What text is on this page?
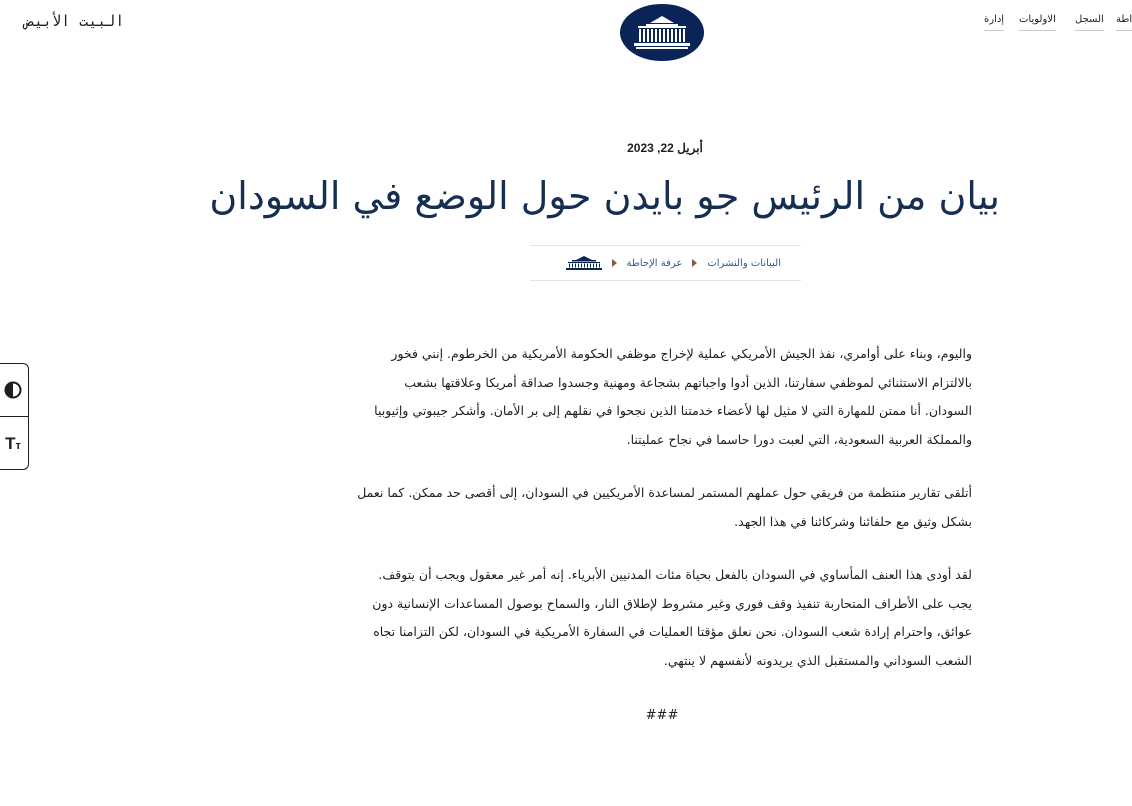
البيت الأبيض	إدارة الاولويات السجل اطة
أبريل 22, 2023
بيان من الرئيس جو بايدن حول الوضع في السودان
عرفة الإحاطة	البيانات والنشرات

واليوم، وبناء على أوامري، نفذ الجيش الأمريكي عملية لإخراج موظفي الحكومة الأمريكية من الخرطوم. إنني فخور بالالتزام الاستثنائي لموظفي سفارتنا، الذين أدوا واجباتهم بشجاعة ومهنية وجسدوا صداقة أمريكا وعلاقتها بشعب السودان. أنا ممتن للمهارة التي لا مثيل لها لأعضاء خدمتنا الذين نجحوا في نقلهم إلى بر الأمان. وأشكر جيبوتي وإثيوبيا والمملكة العربية السعودية، التي لعبت دورا حاسما في نجاح عمليتنا.

أتلقى تقارير منتظمة من فريقي حول عملهم المستمر لمساعدة الأمريكيين في السودان، إلى أقصى حد ممكن. كما نعمل بشكل وثيق مع حلفائنا وشركائنا في هذا الجهد.

لقد أودى هذا العنف المأساوي في السودان بالفعل بحياة مئات المدنيين الأبرياء. إنه أمر غير معقول ويجب أن يتوقف. يجب على الأطراف المتحاربة تنفيذ وقف فوري وغير مشروط لإطلاق النار، والسماح بوصول المساعدات الإنسانية دون عوائق، واحترام إرادة شعب السودان. نحن نعلق مؤقتا العمليات في السفارة الأمريكية في السودان، لكن التزامنا تجاه الشعب السوداني والمستقبل الذي يريدونه لأنفسهم لا ينتهي.

###
Tт
